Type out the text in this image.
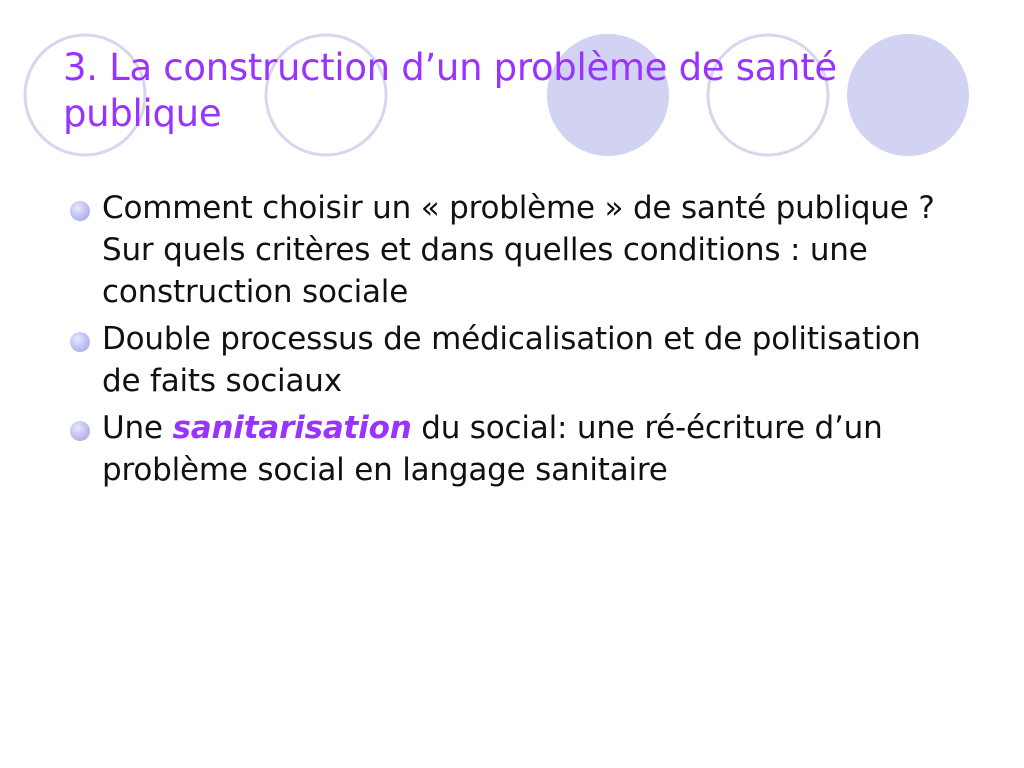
3. La construction d’un problème de santé publique
Comment choisir un « problème » de santé publique ? Sur quels critères et dans quelles conditions : une construction sociale
Double processus de médicalisation et de politisation de faits sociaux
Une sanitarisation du social: une ré-écriture d’un problème social en langage sanitaire
